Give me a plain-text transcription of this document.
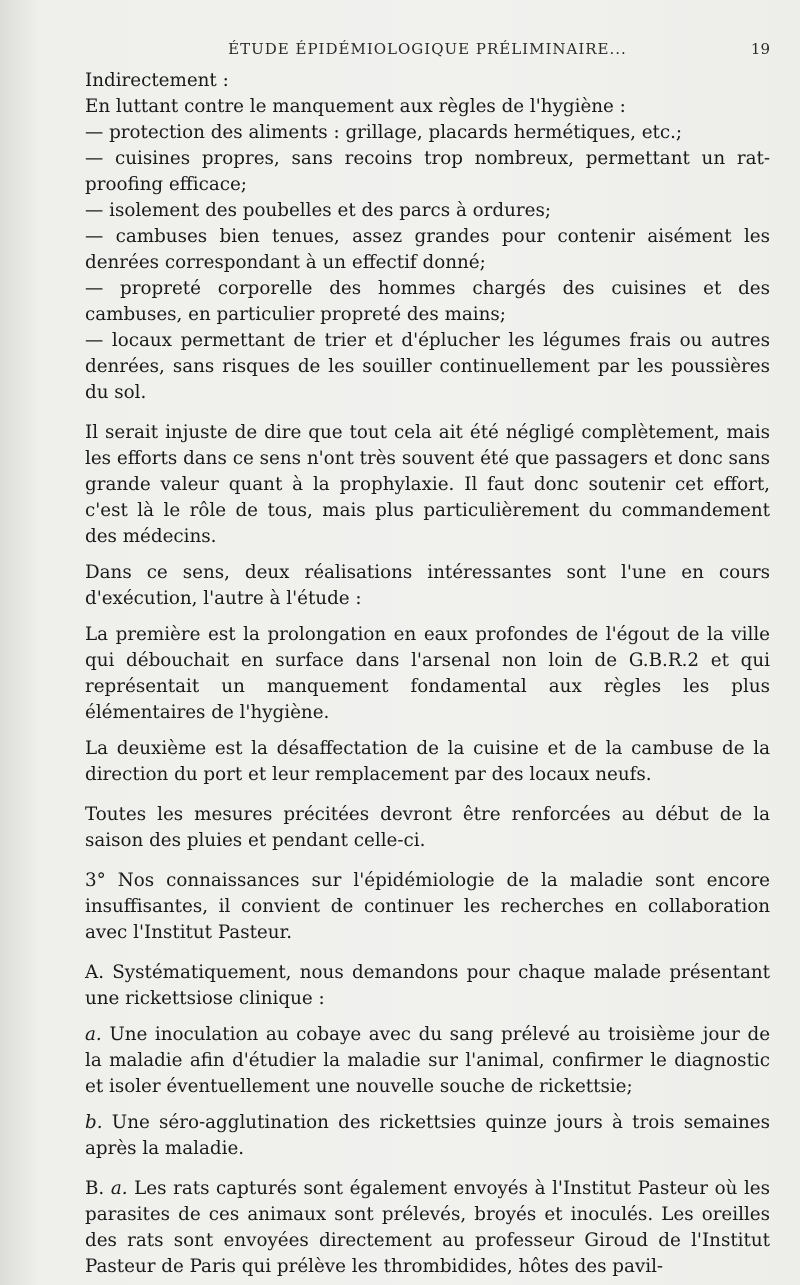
ÉTUDE ÉPIDÉMIOLOGIQUE PRÉLIMINAIRE...	19

Indirectement :

En luttant contre le manquement aux règles de l'hygiène :

— protection des aliments : grillage, placards hermétiques, etc.;

— cuisines propres, sans recoins trop nombreux, permettant un rat-proofing efficace;

— isolement des poubelles et des parcs à ordures;

— cambuses bien tenues, assez grandes pour contenir aisément les denrées correspondant à un effectif donné;

— propreté corporelle des hommes chargés des cuisines et des cambuses, en particulier propreté des mains;

— locaux permettant de trier et d'éplucher les légumes frais ou autres denrées, sans risques de les souiller continuellement par les poussières du sol.

Il serait injuste de dire que tout cela ait été négligé complètement, mais les efforts dans ce sens n'ont très souvent été que passagers et donc sans grande valeur quant à la prophylaxie. Il faut donc soutenir cet effort, c'est là le rôle de tous, mais plus particulièrement du commandement des médecins.

Dans ce sens, deux réalisations intéressantes sont l'une en cours d'exécution, l'autre à l'étude :

La première est la prolongation en eaux profondes de l'égout de la ville qui débouchait en surface dans l'arsenal non loin de G.B.R.2 et qui représentait un manquement fondamental aux règles les plus élémentaires de l'hygiène.

La deuxième est la désaffectation de la cuisine et de la cambuse de la direction du port et leur remplacement par des locaux neufs.

Toutes les mesures précitées devront être renforcées au début de la saison des pluies et pendant celle-ci.

3° Nos connaissances sur l'épidémiologie de la maladie sont encore insuffisantes, il convient de continuer les recherches en collaboration avec l'Institut Pasteur.

A. Systématiquement, nous demandons pour chaque malade présentant une rickettsiose clinique :

a. Une inoculation au cobaye avec du sang prélevé au troisième jour de la maladie afin d'étudier la maladie sur l'animal, confirmer le diagnostic et isoler éventuellement une nouvelle souche de rickettsie;

b. Une séro-agglutination des rickettsies quinze jours à trois semaines après la maladie.

B. a. Les rats capturés sont également envoyés à l'Institut Pasteur où les parasites de ces animaux sont prélevés, broyés et inoculés. Les oreilles des rats sont envoyées directement au professeur Giroud de l'Institut Pasteur de Paris qui prélève les thrombidides, hôtes des pavil-
